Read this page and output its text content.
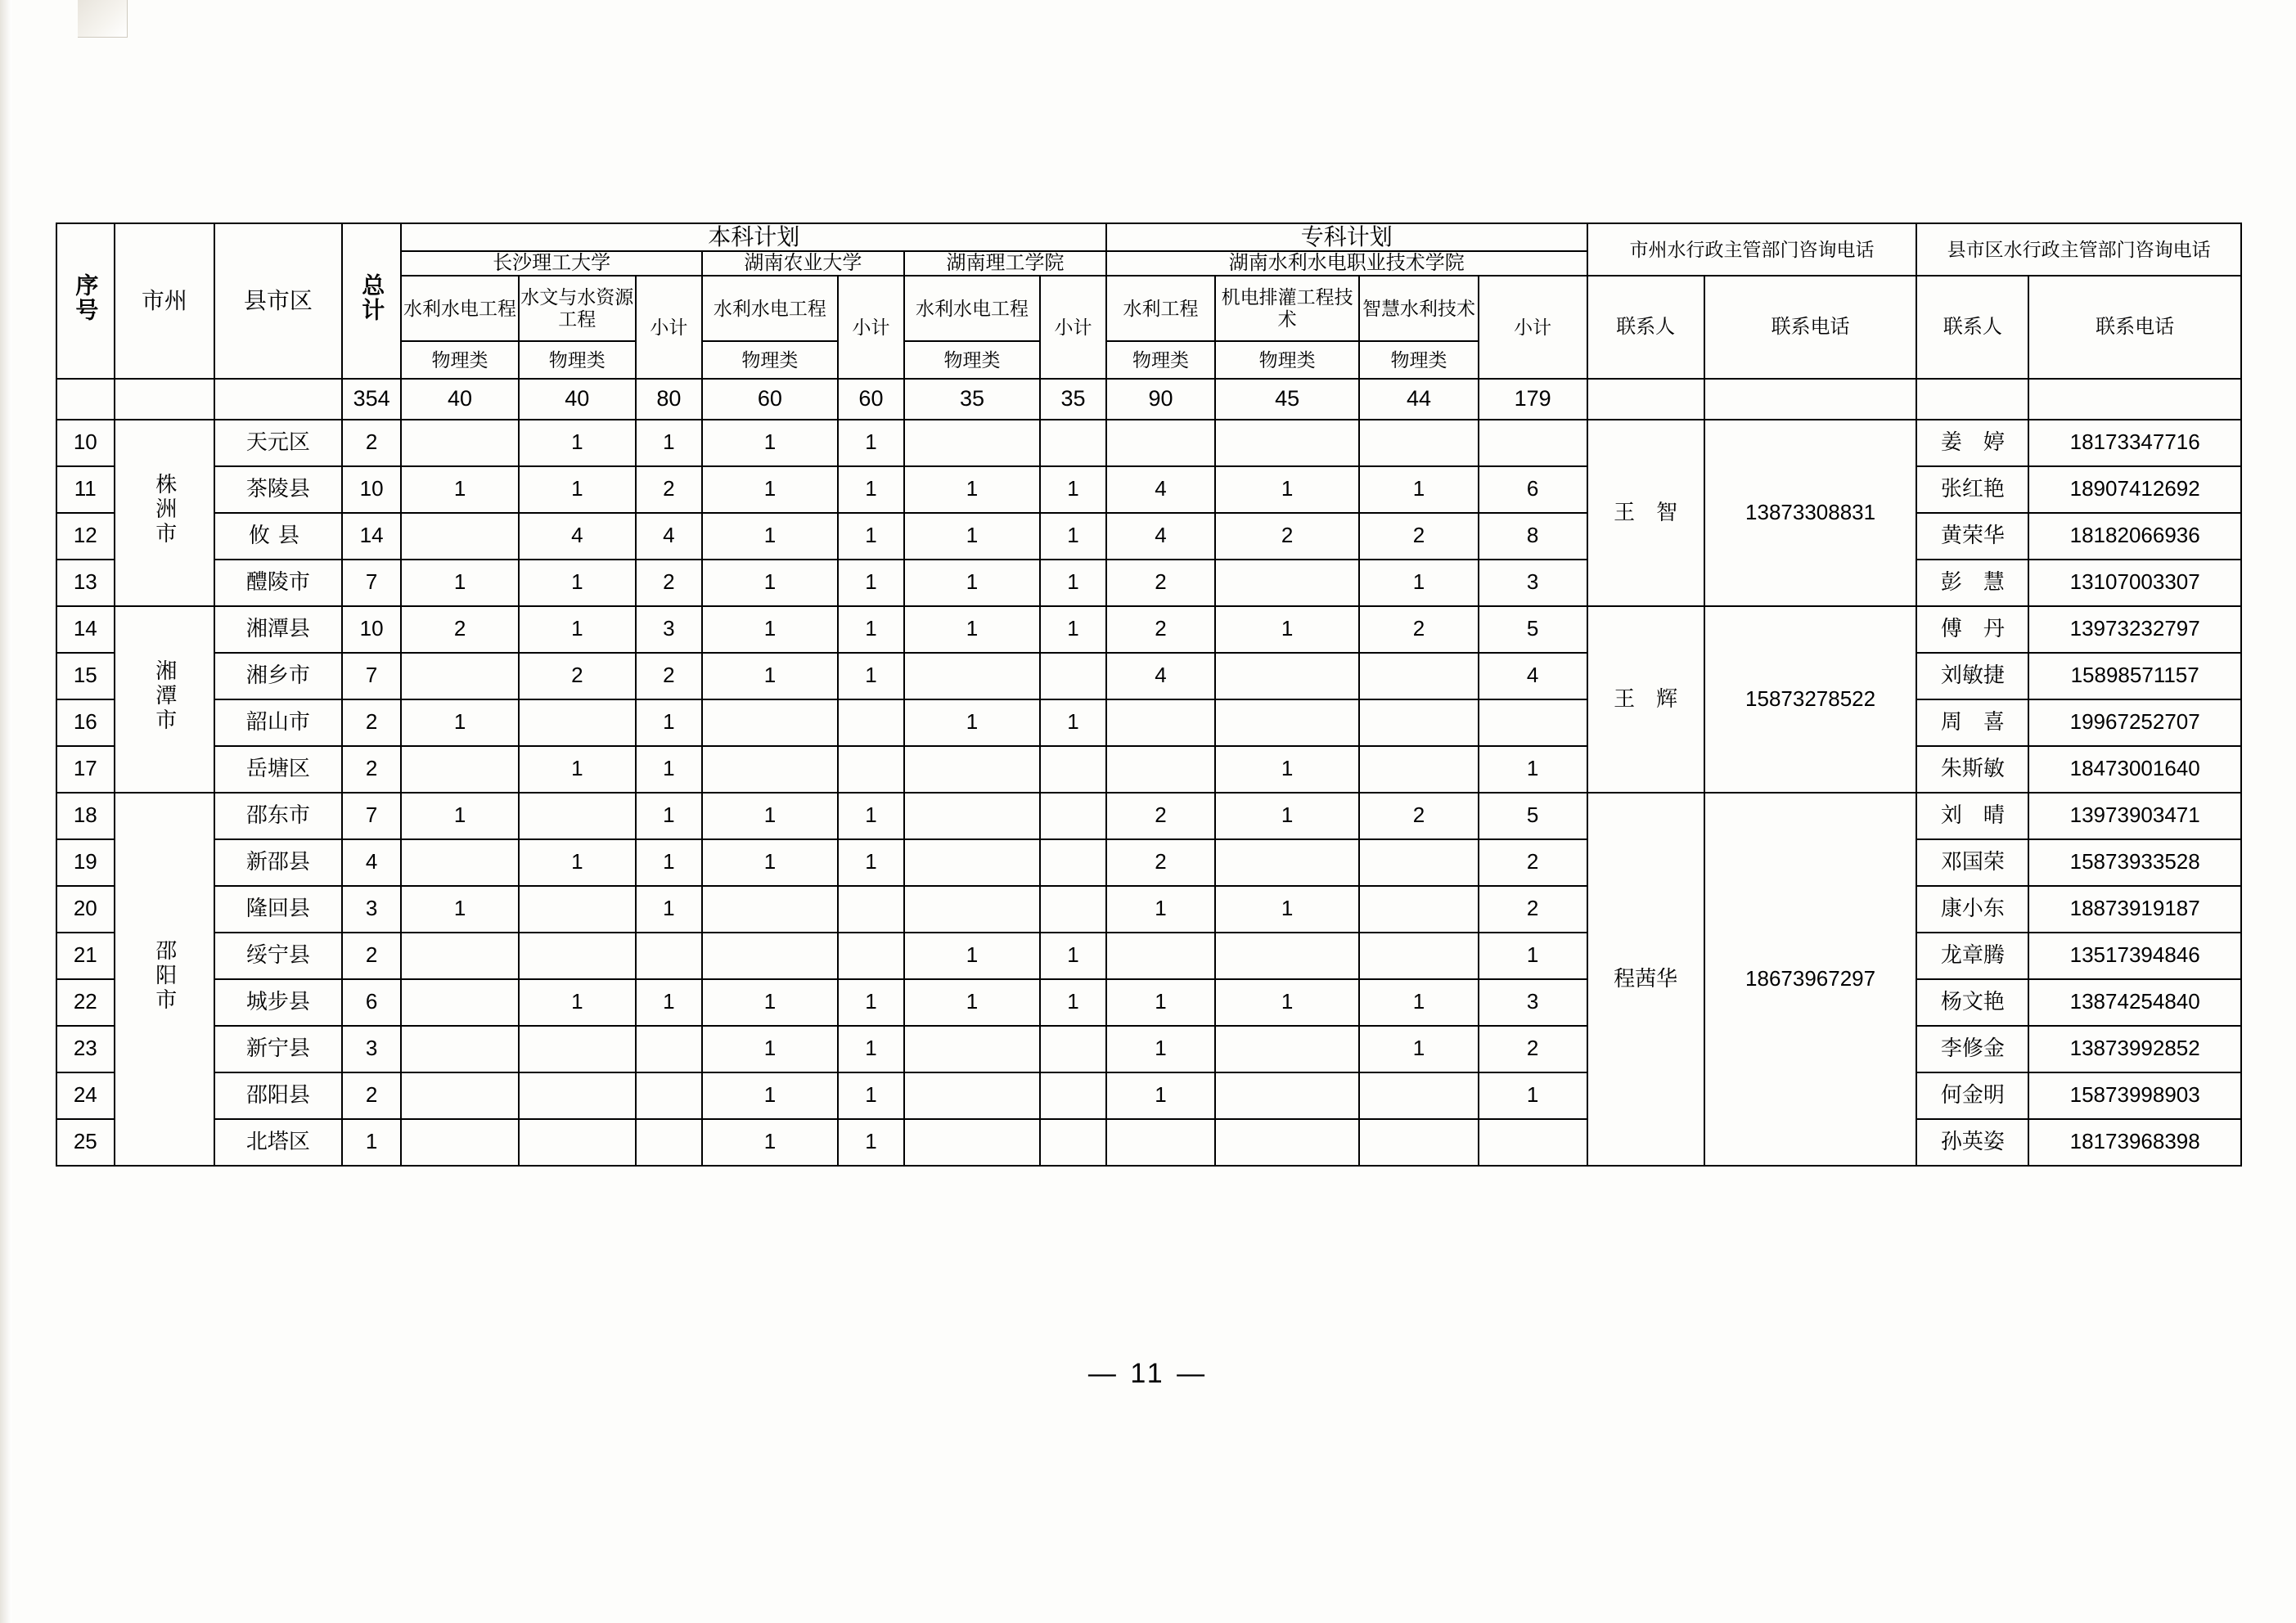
序号	市州	县市区	总计	本科计划							专科计划				市州水行政主管部门咨询电话		县市区水行政主管部门咨询电话	
				长沙理工大学			湖南农业大学		湖南理工学院		湖南水利水电职业技术学院							
				水利水电工程	水文与水资源工程	小计	水利水电工程	小计	水利水电工程	小计	水利工程	机电排灌工程技术	智慧水利技术	小计	联系人	联系电话	联系人	联系电话
				物理类	物理类		物理类		物理类		物理类	物理类	物理类					
			354	40	40	80	60	60	35	35	90	45	44	179				
10	株洲市	天元区	2		1	1	1	1							王　智	13873308831	姜　婷	18173347716
11		茶陵县	10	1	1	2	1	1	1	1	4	1	1	6			张红艳	18907412692
12		攸县	14		4	4	1	1	1	1	4	2	2	8			黄荣华	18182066936
13		醴陵市	7	1	1	2	1	1	1	1	2		1	3			彭　慧	13107003307
14	湘潭市	湘潭县	10	2	1	3	1	1	1	1	2	1	2	5	王　辉	15873278522	傅　丹	13973232797
15		湘乡市	7		2	2	1	1			4			4			刘敏捷	15898571157
16		韶山市	2	1		1			1	1							周　喜	19967252707
17		岳塘区	2		1	1						1		1			朱斯敏	18473001640
18	邵阳市	邵东市	7	1		1	1	1			2	1	2	5	程茜华	18673967297	刘　晴	13973903471
19		新邵县	4		1	1	1	1			2			2			邓国荣	15873933528
20		隆回县	3	1		1					1	1		2			康小东	18873919187
21		绥宁县	2						1	1				1			龙章腾	13517394846
22		城步县	6		1	1	1	1	1	1	1	1	1	3			杨文艳	13874254840
23		新宁县	3				1	1			1		1	2			李修金	13873992852
24		邵阳县	2				1	1			1			1			何金明	15873998903
25		北塔区	1				1	1									孙英姿	18173968398
— 11 —
